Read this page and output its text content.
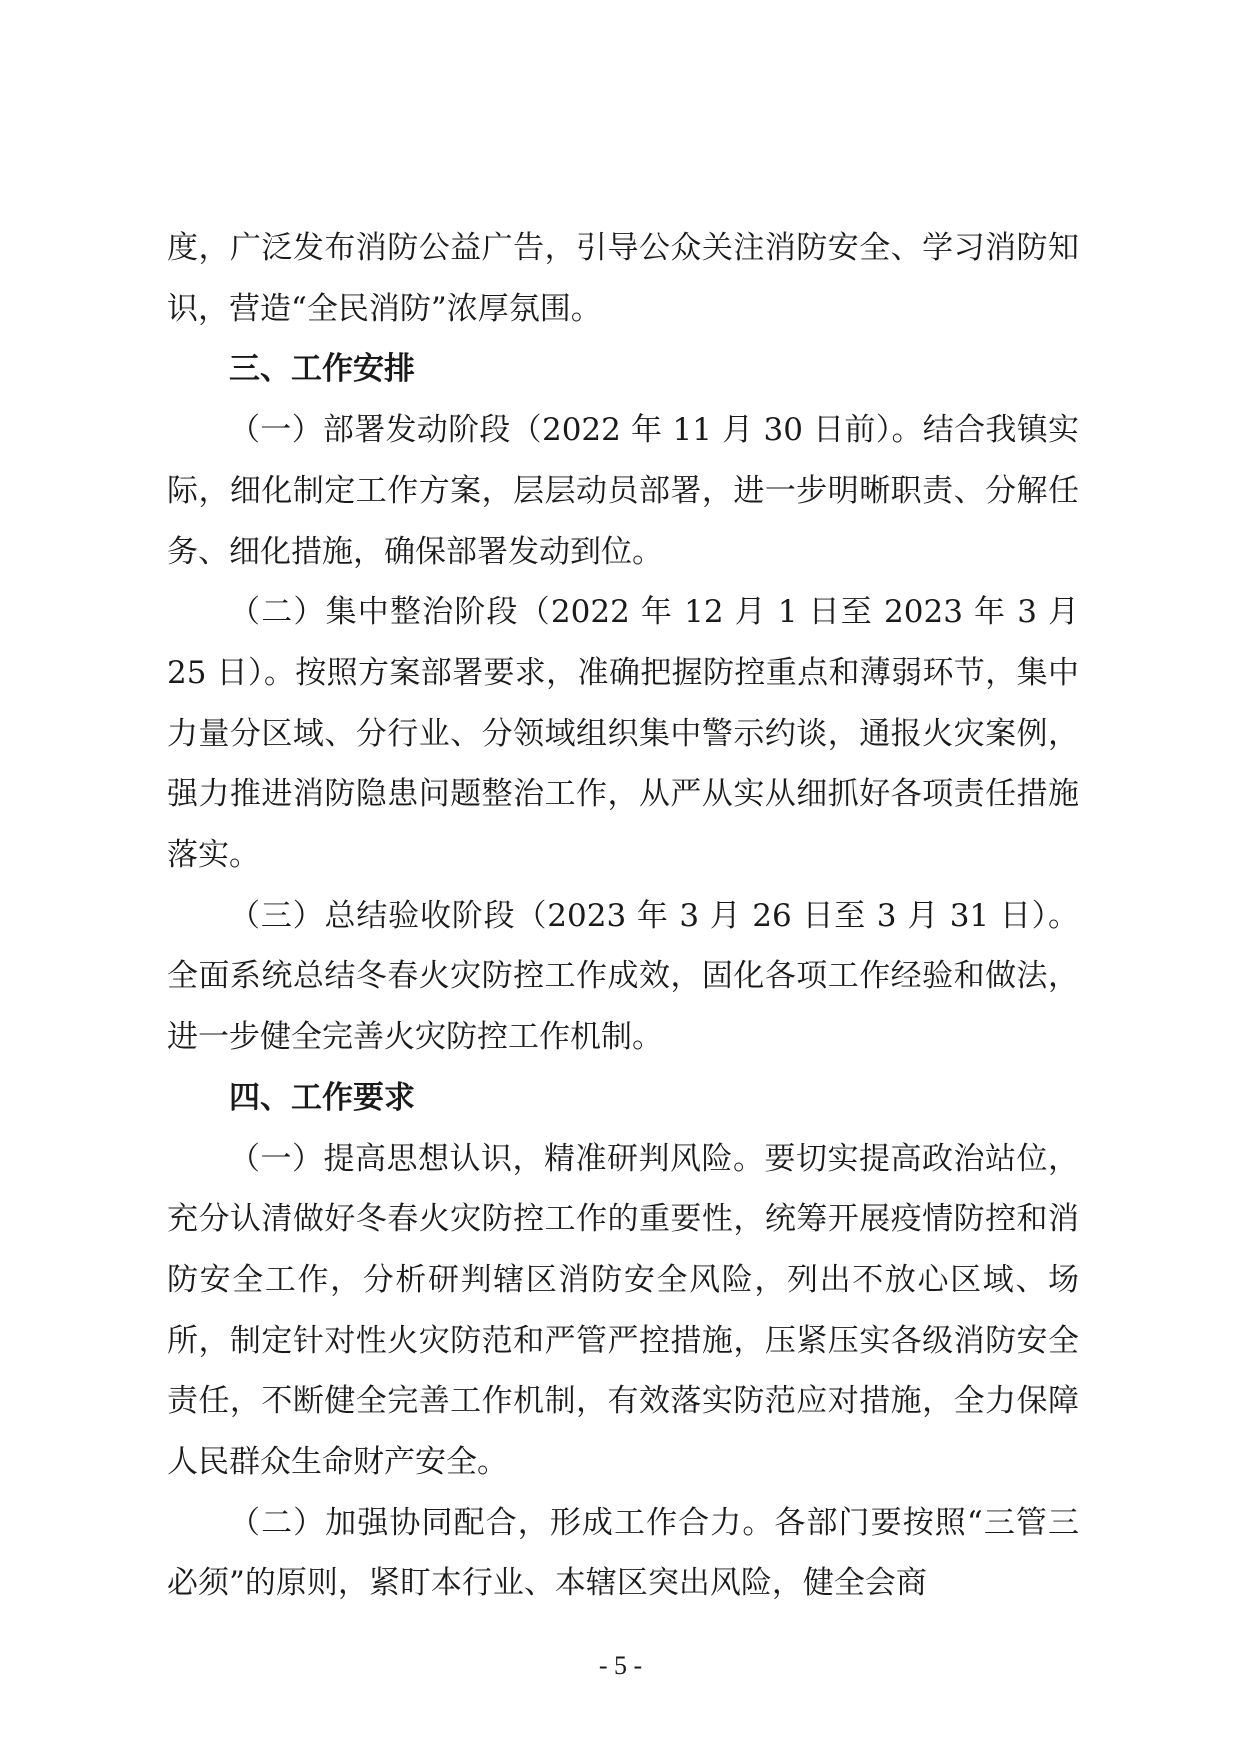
度，广泛发布消防公益广告，引导公众关注消防安全、学习消防知识，营造“全民消防”浓厚氛围。

三、工作安排

（一）部署发动阶段（2022 年 11 月 30 日前）。结合我镇实际，细化制定工作方案，层层动员部署，进一步明晰职责、分解任务、细化措施，确保部署发动到位。

（二）集中整治阶段（2022 年 12 月 1 日至 2023 年 3 月 25 日）。按照方案部署要求，准确把握防控重点和薄弱环节，集中力量分区域、分行业、分领域组织集中警示约谈，通报火灾案例，强力推进消防隐患问题整治工作，从严从实从细抓好各项责任措施落实。

（三）总结验收阶段（2023 年 3 月 26 日至 3 月 31 日）。全面系统总结冬春火灾防控工作成效，固化各项工作经验和做法，进一步健全完善火灾防控工作机制。

四、工作要求

（一）提高思想认识，精准研判风险。要切实提高政治站位，充分认清做好冬春火灾防控工作的重要性，统筹开展疫情防控和消防安全工作，分析研判辖区消防安全风险，列出不放心区域、场所，制定针对性火灾防范和严管严控措施，压紧压实各级消防安全责任，不断健全完善工作机制，有效落实防范应对措施，全力保障人民群众生命财产安全。

（二）加强协同配合，形成工作合力。各部门要按照“三管三必须”的原则，紧盯本行业、本辖区突出风险，健全会商

- 5 -
